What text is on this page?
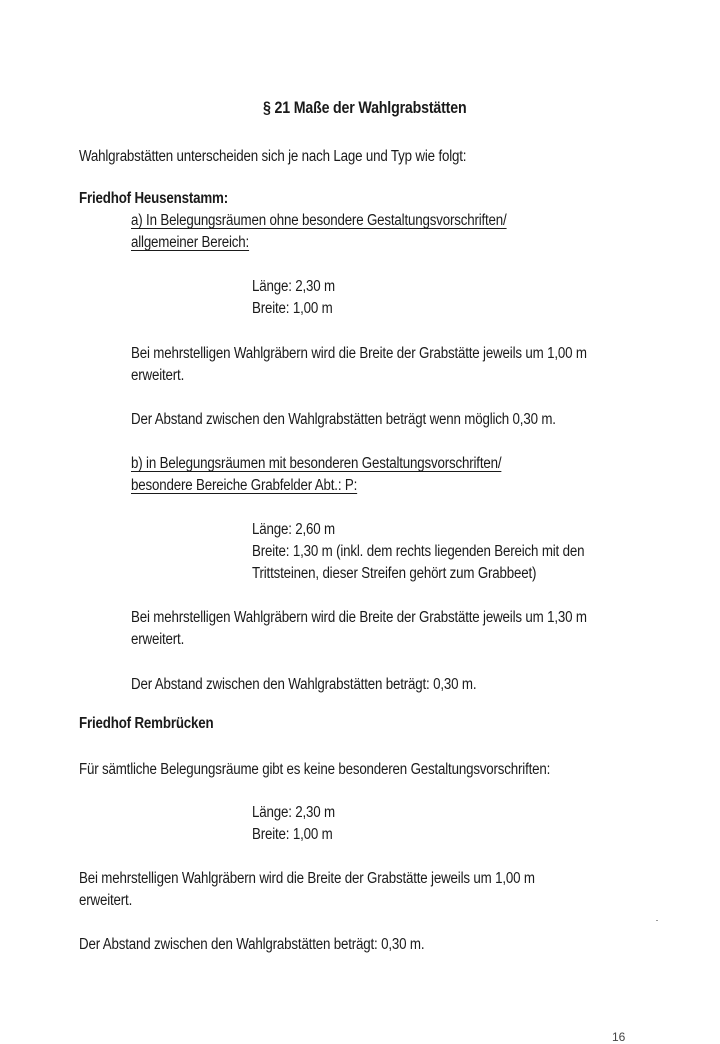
§ 21 Maße der Wahlgrabstätten
Wahlgrabstätten unterscheiden sich je nach Lage und Typ wie folgt:
Friedhof Heusenstamm:
a) In Belegungsräumen ohne besondere Gestaltungsvorschriften/
allgemeiner Bereich:
Länge: 2,30 m
Breite: 1,00 m
Bei mehrstelligen Wahlgräbern wird die Breite der Grabstätte jeweils um 1,00 m
erweitert.
Der Abstand zwischen den Wahlgrabstätten beträgt wenn möglich 0,30 m.
b) in Belegungsräumen mit besonderen Gestaltungsvorschriften/
besondere Bereiche Grabfelder Abt.: P:
Länge: 2,60 m
Breite: 1,30 m (inkl. dem rechts liegenden Bereich mit den
Trittsteinen, dieser Streifen gehört zum Grabbeet)
Bei mehrstelligen Wahlgräbern wird die Breite der Grabstätte jeweils um 1,30 m
erweitert.
Der Abstand zwischen den Wahlgrabstätten beträgt: 0,30 m.
Friedhof Rembrücken
Für sämtliche Belegungsräume gibt es keine besonderen Gestaltungsvorschriften:
Länge: 2,30 m
Breite: 1,00 m
Bei mehrstelligen Wahlgräbern wird die Breite der Grabstätte jeweils um 1,00 m
erweitert.
Der Abstand zwischen den Wahlgrabstätten beträgt: 0,30 m.
16
